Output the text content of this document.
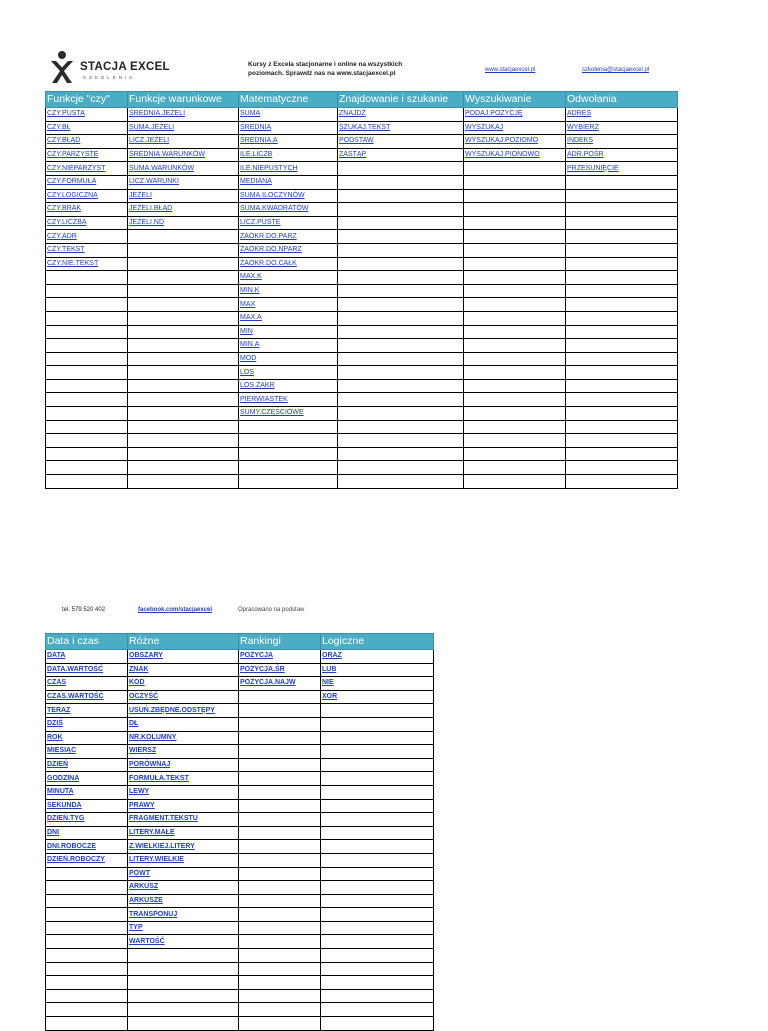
STACJA EXCEL
SZKOLENIA
Kursy z Excela stacjonarne i online na wszystkich
poziomach. Sprawdź nas na www.stacjaexcel.pl	www.stacjaexcel.pl	szkolenia@stacjaexcel.pl
Funkcje "czy"	Funkcje warunkowe	Matematyczne	Znajdowanie i szukanie	Wyszukiwanie	Odwołania
CZY.PUSTA	ŚREDNIA.JEŻELI	SUMA	ZNAJDŹ	PODAJ.POZYCJĘ	ADRES
CZY.BŁ	SUMA.JEŻELI	ŚREDNIA	SZUKAJ.TEKST	WYSZUKAJ	WYBIERZ
CZY.BŁĄD	LICZ.JEŻELI	ŚREDNIA.A	PODSTAW	WYSZUKAJ.POZIOMO	INDEKS
CZY.PARZYSTE	ŚREDNIA.WARUNKÓW	ILE.LICZB	ZASTĄP	WYSZUKAJ.PIONOWO	ADR.POŚR
CZY.NIEPARZYST	SUMA.WARUNKÓW	ILE.NIEPUSTYCH			PRZESUNIĘCIE
CZY.FORMUŁA	LICZ.WARUNKI	MEDIANA			
CZY.LOGICZNA	JEŻELI	SUMA.ILOCZYNÓW			
CZY.BRAK	JEŻELI.BŁĄD	SUMA.KWADRATÓW			
CZY.LICZBA	JEŻELI.ND	LICZ.PUSTE			
CZY.ADR		ZAOKR.DO.PARZ			
CZY.TEKST		ZAOKR.DO.NPARZ			
CZY.NIE.TEKST		ZAOKR.DO.CAŁK			
		MAX.K			
		MIN.K			
		MAX			
		MAX.A			
		MIN			
		MIN.A			
		MOD			
		LOS			
		LOS.ZAKR			
		PIERWIASTEK			
		SUMY.CZĘŚCIOWE			

tel. 579 520 402	facebook.com/stacjaexcel	Opracowano na podstaw
Data i czas	Różne	Rankingi	Logiczne
DATA	OBSZARY	POZYCJA	ORAZ
DATA.WARTOŚĆ	ZNAK	POZYCJA.ŚR	LUB
CZAS	KOD	POZYCJA.NAJW	NIE
CZAS.WARTOŚĆ	OCZYŚĆ		XOR
TERAZ	USUŃ.ZBĘDNE.ODSTĘPY		
DZIŚ	DŁ		
ROK	NR.KOLUMNY		
MIESIĄC	WIERSZ		
DZIEŃ	PORÓWNAJ		
GODZINA	FORMUŁA.TEKST		
MINUTA	LEWY		
SEKUNDA	PRAWY		
DZIEŃ.TYG	FRAGMENT.TEKSTU		
DNI	LITERY.MAŁE		
DNI.ROBOCZE	Z.WIELKIEJ.LITERY		
DZIEŃ.ROBOCZY	LITERY.WIELKIE		
	POWT		
	ARKUSZ		
	ARKUSZE		
	TRANSPONUJ		
	TYP		
	WARTOŚĆ		
